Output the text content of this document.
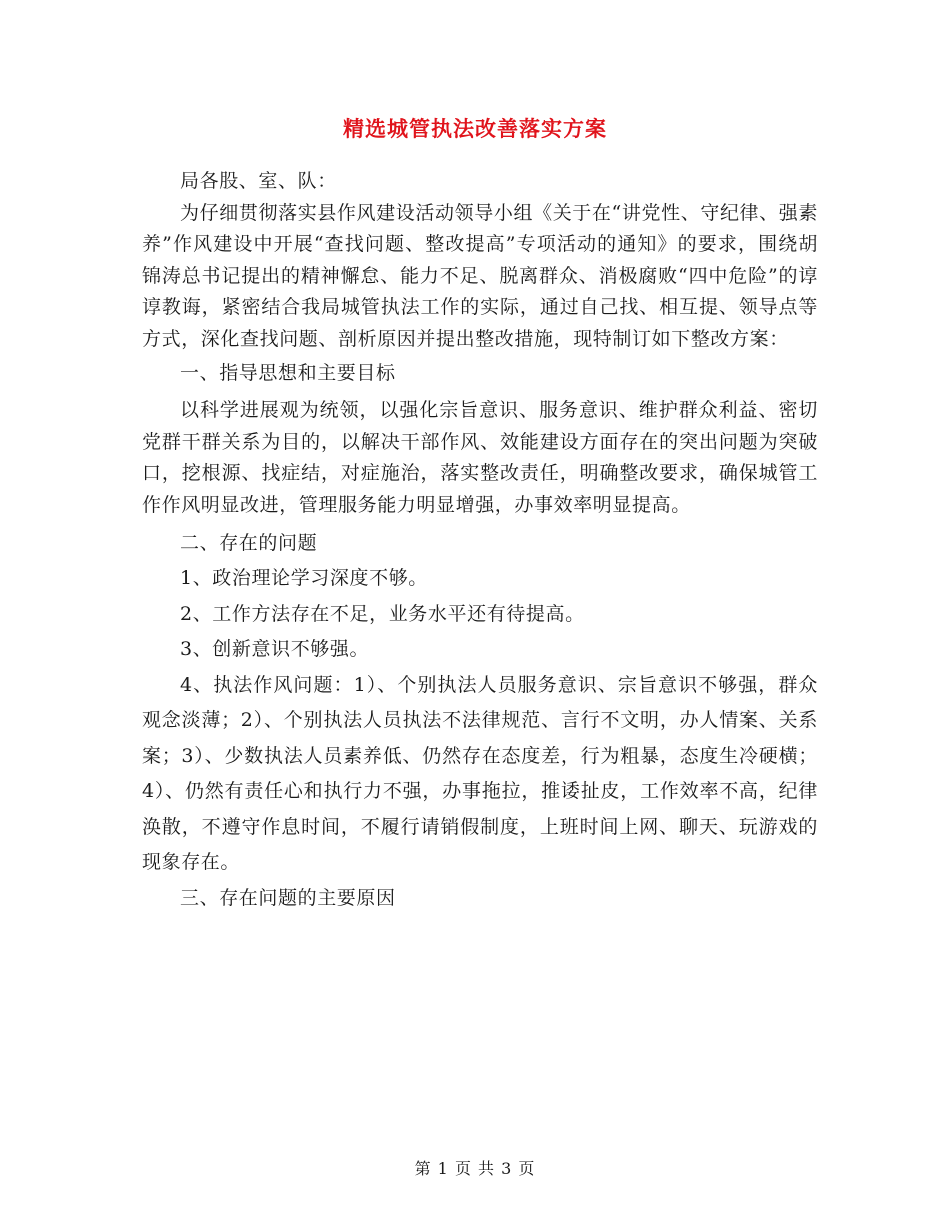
精选城管执法改善落实方案

局各股、室、队：

为仔细贯彻落实县作风建设活动领导小组《关于在“讲党性、守纪律、强素养”作风建设中开展“查找问题、整改提高”专项活动的通知》的要求，围绕胡锦涛总书记提出的精神懈怠、能力不足、脱离群众、消极腐败“四中危险”的谆谆教诲，紧密结合我局城管执法工作的实际，通过自己找、相互提、领导点等方式，深化查找问题、剖析原因并提出整改措施，现特制订如下整改方案：

一、指导思想和主要目标

以科学进展观为统领，以强化宗旨意识、服务意识、维护群众利益、密切党群干群关系为目的，以解决干部作风、效能建设方面存在的突出问题为突破口，挖根源、找症结，对症施治，落实整改责任，明确整改要求，确保城管工作作风明显改进，管理服务能力明显增强，办事效率明显提高。

二、存在的问题

1、政治理论学习深度不够。

2、工作方法存在不足，业务水平还有待提高。

3、创新意识不够强。

4、执法作风问题：1）、个别执法人员服务意识、宗旨意识不够强，群众观念淡薄；2）、个别执法人员执法不法律规范、言行不文明，办人情案、关系案；3）、少数执法人员素养低、仍然存在态度差，行为粗暴，态度生冷硬横；4）、仍然有责任心和执行力不强，办事拖拉，推诿扯皮，工作效率不高，纪律涣散，不遵守作息时间，不履行请销假制度，上班时间上网、聊天、玩游戏的现象存在。

三、存在问题的主要原因

第 1 页 共 3 页
